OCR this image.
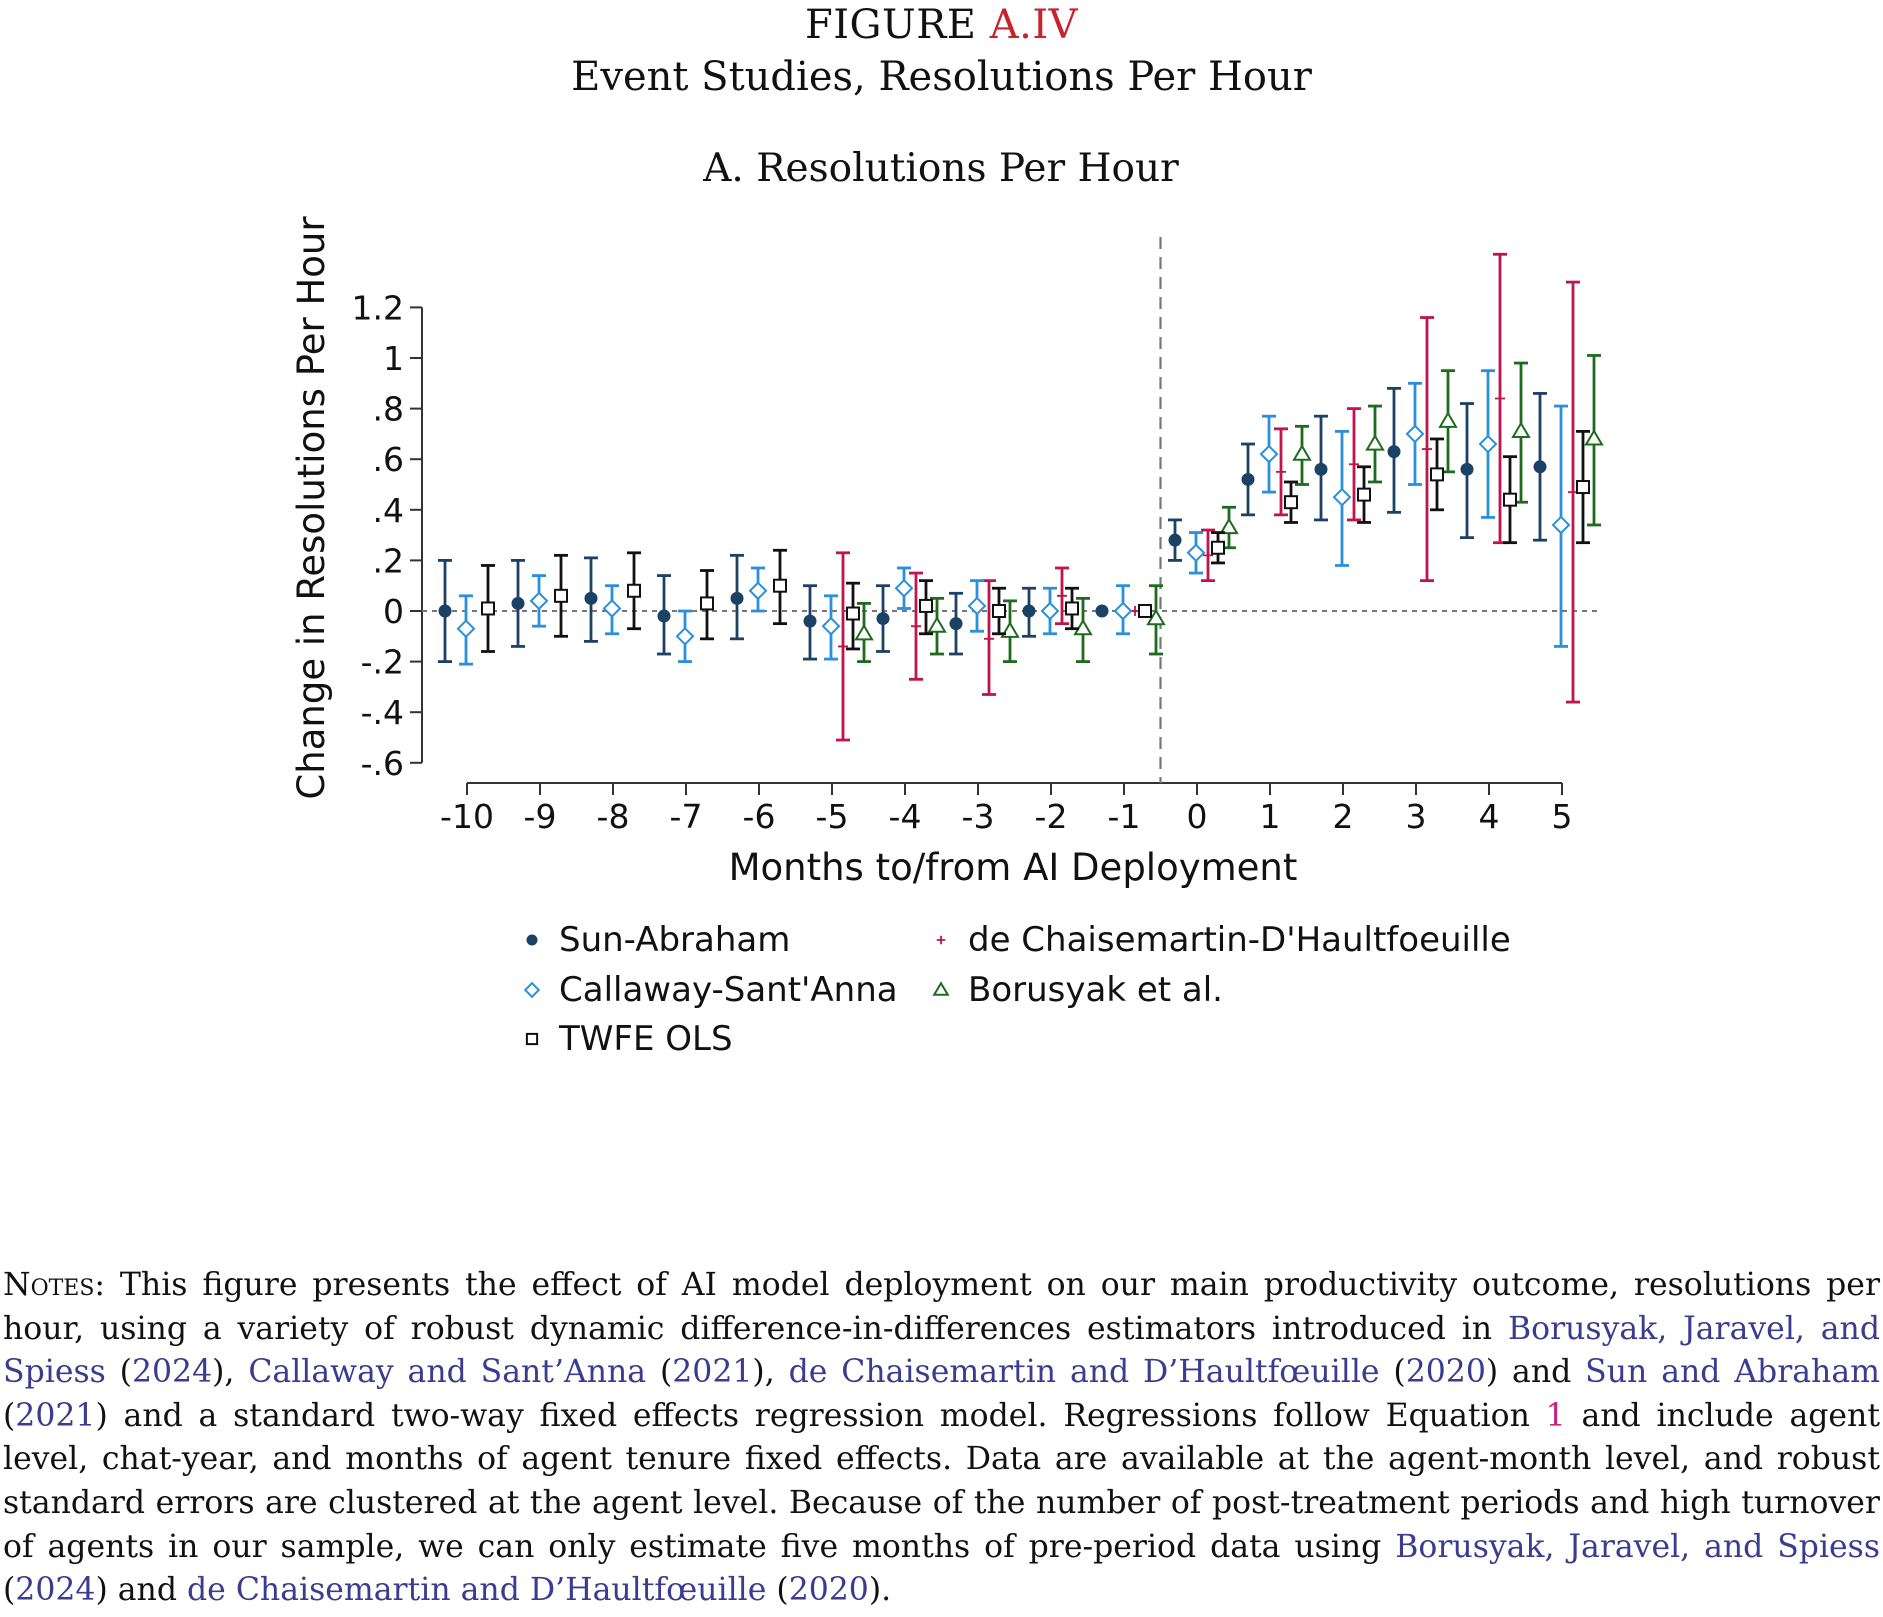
FIGURE A.IV
Event Studies, Resolutions Per Hour
A. Resolutions Per Hour
-.6
-.4
-.2
0
.2
.4
.6
.8
1
1.2
Change in Resolutions Per Hour
-10 -9 -8 -7 -6 -5 -4 -3 -2 -1 0 1 2 3 4 5
Months to/from AI Deployment
Sun-Abraham
Callaway-Sant'Anna
TWFE OLS
de Chaisemartin-D'Haultfoeuille
Borusyak et al.

Notes: This figure presents the effect of AI model deployment on our main productivity outcome, resolutions per hour, using a variety of robust dynamic difference-in-differences estimators introduced in Borusyak, Jaravel, and Spiess (2024), Callaway and Sant’Anna (2021), de Chaisemartin and D’Haultfœuille (2020) and Sun and Abraham (2021) and a standard two-way fixed effects regression model. Regressions follow Equation 1 and include agent level, chat-year, and months of agent tenure fixed effects. Data are available at the agent-month level, and robust standard errors are clustered at the agent level. Because of the number of post-treatment periods and high turnover of agents in our sample, we can only estimate five months of pre-period data using Borusyak, Jaravel, and Spiess (2024) and de Chaisemartin and D’Haultfœuille (2020).
